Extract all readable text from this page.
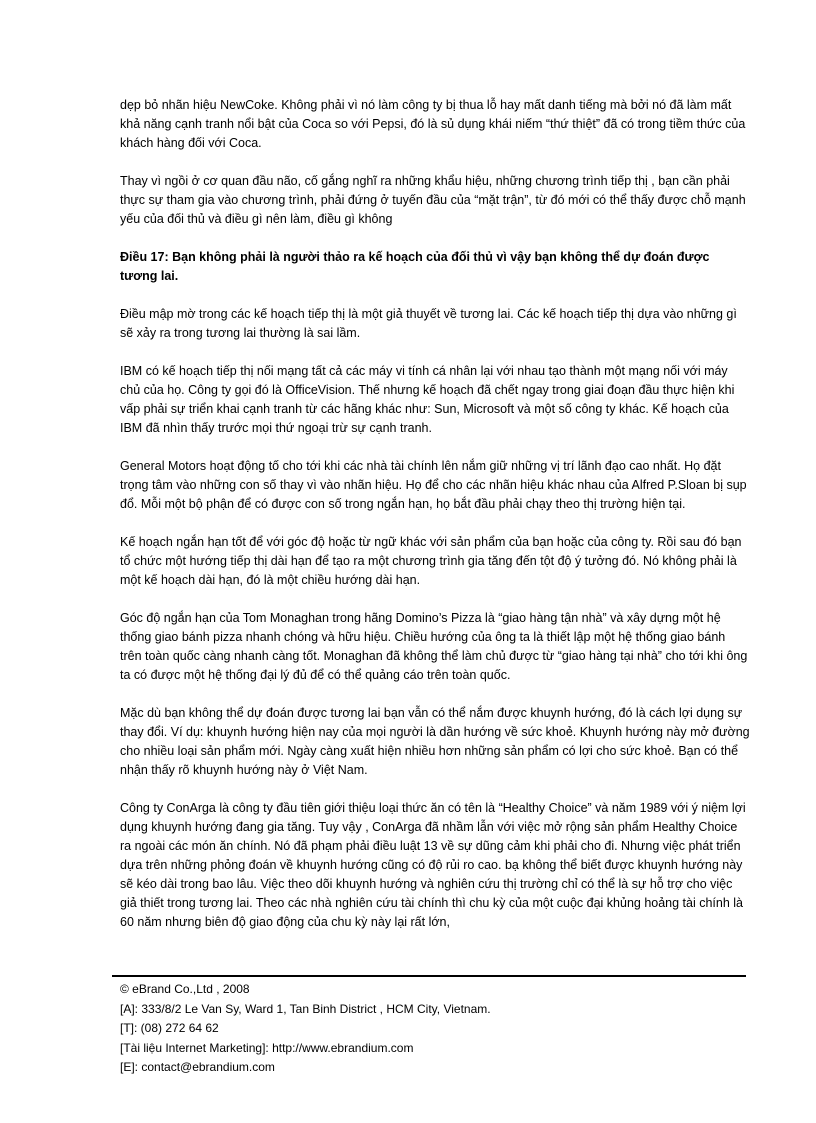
dẹp bỏ nhãn hiệu NewCoke. Không phải vì nó làm công ty bị thua lỗ hay mất danh tiếng mà bởi nó đã làm mất khả năng cạnh tranh nổi bật của Coca so với Pepsi, đó là sủ dụng khái niếm “thứ thiệt” đã có trong tiềm thức của khách hàng đối với Coca.

Thay vì ngồi ở cơ quan đầu não, cố gắng nghĩ ra những khẩu hiệu, những chương trình tiếp thị , bạn cần phải thực sự tham gia vào chương trình, phải đứng ở tuyến đầu của “mặt trận”, từ đó mới có thể thấy được chỗ mạnh yếu của đối thủ và điều gì nên làm, điều gì không

Điều 17: Bạn không phải là người thảo ra kế hoạch của đối thủ vì vậy bạn không thể dự đoán được tương lai.

Điều mập mờ trong các kế hoạch tiếp thị là một giả thuyết về tương lai. Các kế hoạch tiếp thị dựa vào những gì sẽ xảy ra trong tương lai thường là sai lầm.

IBM có kế hoạch tiếp thị nối mạng tất cả các máy vi tính cá nhân lại với nhau tạo thành một mạng nối với máy chủ của họ. Công ty gọi đó là OfficeVision. Thế nhưng kế hoạch đã chết ngay trong giai đoạn đầu thực hiện khi vấp phải sự triển khai cạnh tranh từ các hãng khác như: Sun, Microsoft và một số công ty khác. Kế hoạch của IBM đã nhìn thấy trước mọi thứ ngoại trừ sự cạnh tranh.

General Motors hoạt động tố cho tới khi các nhà tài chính lên nắm giữ những vị trí lãnh đạo cao nhất. Họ đặt trọng tâm vào những con số thay vì vào nhãn hiệu. Họ để cho các nhãn hiệu khác nhau của Alfred P.Sloan bị sụp đổ. Mỗi một bộ phận để có được con số trong ngắn hạn, họ bắt đầu phải chạy theo thị trường hiện tại.

Kế hoạch ngắn hạn tốt để với góc độ hoặc từ ngữ khác với sản phẩm của bạn hoặc của công ty. Rồi sau đó bạn tổ chức một hướng tiếp thị dài hạn để tạo ra một chương trình gia tăng đến tột độ ý tưởng đó. Nó không phải là một kế hoạch dài hạn, đó là một chiều hướng dài hạn.

Góc độ ngắn hạn của Tom Monaghan trong hãng Domino’s Pizza là “giao hàng tận nhà” và xây dựng một hệ thống giao bánh pizza nhanh chóng và hữu hiệu. Chiều hướng của ông ta là thiết lập một hệ thống giao bánh trên toàn quốc càng nhanh càng tốt. Monaghan đã không thể làm chủ được từ “giao hàng tại nhà” cho tới khi ông ta có được một hệ thống đại lý đủ để có thể quảng cáo trên toàn quốc.

Mặc dù bạn không thể dự đoán được tương lai bạn vẫn có thể nắm được khuynh hướng, đó là cách lợi dụng sự thay đổi. Ví dụ: khuynh hướng hiện nay của mọi người là dần hướng về sức khoẻ. Khuynh hướng này mở đường cho nhiều loại sản phẩm mới. Ngày càng xuất hiện nhiều hơn những sản phẩm có lợi cho sức khoẻ. Bạn có thể nhận thấy rõ khuynh hướng này ở Việt Nam.

Công ty ConArga là công ty đầu tiên giới thiệu loại thức ăn có tên là “Healthy Choice” và năm 1989 với ý niệm lợi dụng khuynh hướng đang gia tăng. Tuy vậy , ConArga đã nhầm lẫn với việc mở rộng sản phẩm Healthy Choice ra ngoài các món ăn chính. Nó đã phạm phải điều luật 13 về sự dũng cảm khi phải cho đi. Nhưng việc phát triển dựa trên những phỏng đoán về khuynh hướng cũng có độ rủi ro cao. bạ không thể biết được khuynh hướng này sẽ kéo dài trong bao lâu. Việc theo dõi khuynh hướng và nghiên cứu thị trường chỉ có thể là sự hỗ trợ cho việc giả thiết trong tương lai. Theo các nhà nghiên cứu tài chính thì chu kỳ của một cuộc đại khủng hoảng tài chính là 60 năm nhưng biên độ giao động của chu kỳ này lại rất lớn,

© eBrand Co.,Ltd , 2008
[A]: 333/8/2 Le Van Sy, Ward 1, Tan Binh District , HCM City, Vietnam.
[T]: (08) 272 64 62
[Tài liệu Internet Marketing]: http://www.ebrandium.com
[E]: contact@ebrandium.com
